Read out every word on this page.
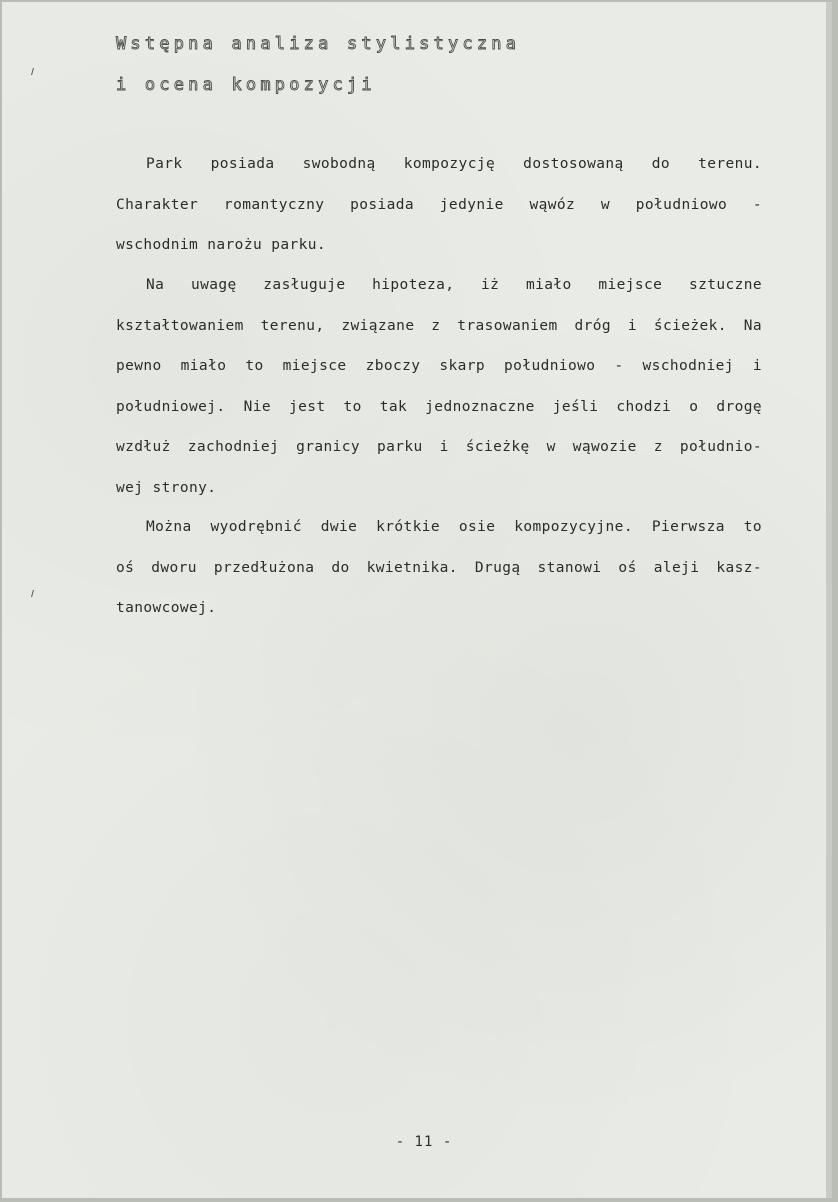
Wstępna analiza stylistyczna
i ocena kompozycji

Park posiada swobodną kompozycję dostosowaną do terenu.
Charakter romantyczny posiada jedynie wąwóz w południowo -
wschodnim narożu parku.

Na uwagę zasługuje hipoteza, iż miało miejsce sztuczne
kształtowaniem terenu, związane z trasowaniem dróg i ścieżek. Na
pewno miało to miejsce zboczy skarp południowo - wschodniej i
południowej. Nie jest to tak jednoznaczne jeśli chodzi o drogę
wzdłuż zachodniej granicy parku i ścieżkę w wąwozie z południo-
wej strony.

Można wyodrębnić dwie krótkie osie kompozycyjne. Pierwsza to
oś dworu przedłużona do kwietnika. Drugą stanowi oś aleji kasz-
tanowcowej.

- 11 -
